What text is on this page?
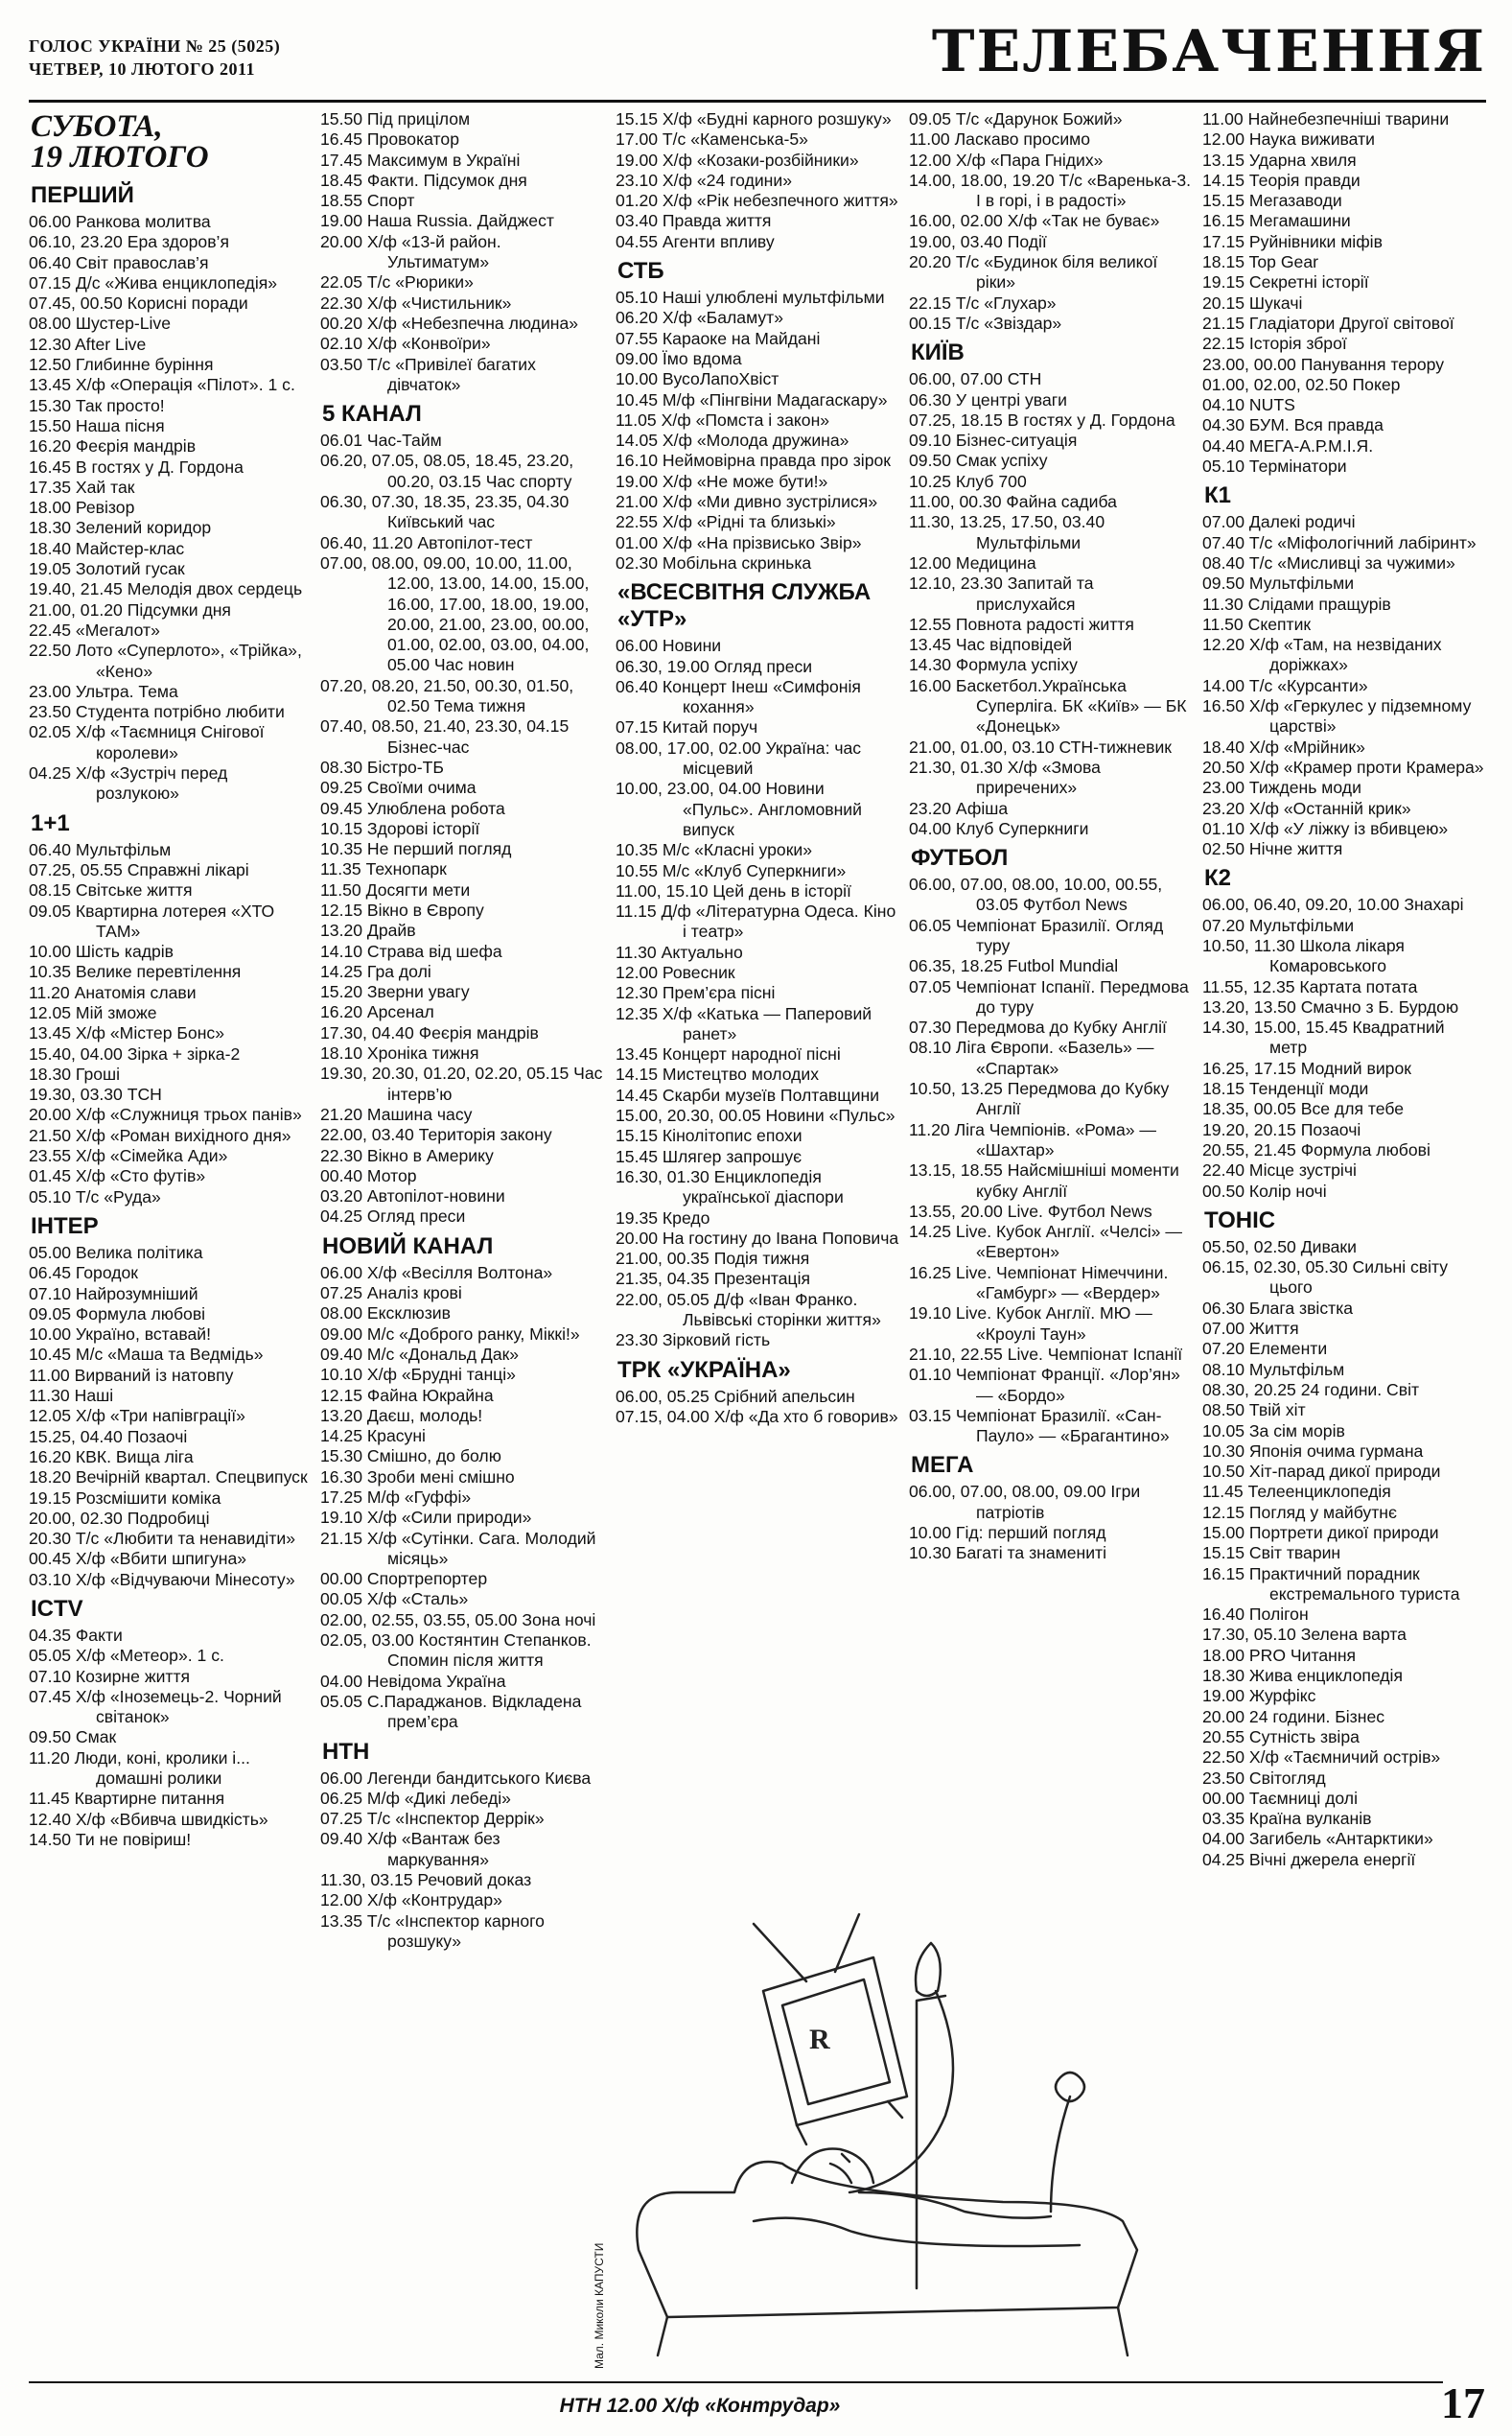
ГОЛОС УКРАЇНИ № 25 (5025)
ЧЕТВЕР, 10 ЛЮТОГО 2011	ТЕЛЕБАЧЕННЯ
СУБОТА,
19 ЛЮТОГО
ПЕРШИЙ
06.00 Ранкова молитва
06.10, 23.20 Ера здоров’я
06.40 Світ православ’я
07.15 Д/с «Жива енциклопедія»
07.45, 00.50 Корисні поради
08.00 Шустер-Live
12.30 After Live
12.50 Глибинне буріння
13.45 Х/ф «Операція «Пілот». 1 с.
15.30 Так просто!
15.50 Наша пісня
16.20 Феєрія мандрів
16.45 В гостях у Д. Гордона
17.35 Хай так
18.00 Ревізор
18.30 Зелений коридор
18.40 Майстер-клас
19.05 Золотий гусак
19.40, 21.45 Мелодія двох сердець
21.00, 01.20 Підсумки дня
22.45 «Мегалот»
22.50 Лото «Суперлото», «Трійка», «Кено»
23.00 Ультра. Тема
23.50 Студента потрібно любити
02.05 Х/ф «Таємниця Снігової королеви»
04.25 Х/ф «Зустріч перед розлукою»
1+1
06.40 Мультфільм
07.25, 05.55 Справжні лікарі
08.15 Світське життя
09.05 Квартирна лотерея «ХТО ТАМ»
10.00 Шість кадрів
10.35 Велике перевтілення
11.20 Анатомія слави
12.05 Мій зможе
13.45 Х/ф «Містер Бонс»
15.40, 04.00 Зірка + зірка-2
18.30 Гроші
19.30, 03.30 ТСН
20.00 Х/ф «Служниця трьох панів»
21.50 Х/ф «Роман вихідного дня»
23.55 Х/ф «Сімейка Ади»
01.45 Х/ф «Сто футів»
05.10 Т/с «Руда»
ІНТЕР
05.00 Велика політика
06.45 Городок
07.10 Найрозумніший
09.05 Формула любові
10.00 Україно, вставай!
10.45 М/с «Маша та Ведмідь»
11.00 Вирваний із натовпу
11.30 Наші
12.05 Х/ф «Три напівграції»
15.25, 04.40 Позаочі
16.20 КВК. Вища ліга
18.20 Вечірній квартал. Спецвипуск
19.15 Розсмішити коміка
20.00, 02.30 Подробиці
20.30 Т/с «Любити та ненавидіти»
00.45 Х/ф «Вбити шпигуна»
03.10 Х/ф «Відчуваючи Мінесоту»
ICTV
04.35 Факти
05.05 Х/ф «Метеор». 1 с.
07.10 Козирне життя
07.45 Х/ф «Іноземець-2. Чорний світанок»
09.50 Смак
11.20 Люди, коні, кролики і... домашні ролики
11.45 Квартирне питання
12.40 Х/ф «Вбивча швидкість»
14.50 Ти не повіриш!
15.50 Під прицілом
16.45 Провокатор
17.45 Максимум в Україні
18.45 Факти. Підсумок дня
18.55 Спорт
19.00 Наша Russia. Дайджест
20.00 Х/ф «13-й район. Ультиматум»
22.05 Т/с «Рюрики»
22.30 Х/ф «Чистильник»
00.20 Х/ф «Небезпечна людина»
02.10 Х/ф «Конвоїри»
03.50 Т/с «Привілеї багатих дівчаток»
5 КАНАЛ
06.01 Час-Тайм
06.20, 07.05, 08.05, 18.45, 23.20, 00.20, 03.15 Час спорту
06.30, 07.30, 18.35, 23.35, 04.30 Київський час
06.40, 11.20 Автопілот-тест
07.00, 08.00, 09.00, 10.00, 11.00, 12.00, 13.00, 14.00, 15.00, 16.00, 17.00, 18.00, 19.00, 20.00, 21.00, 23.00, 00.00, 01.00, 02.00, 03.00, 04.00, 05.00 Час новин
07.20, 08.20, 21.50, 00.30, 01.50, 02.50 Тема тижня
07.40, 08.50, 21.40, 23.30, 04.15 Бізнес-час
08.30 Бістро-ТБ
09.25 Своїми очима
09.45 Улюблена робота
10.15 Здорові історії
10.35 Не перший погляд
11.35 Технопарк
11.50 Досягти мети
12.15 Вікно в Європу
13.20 Драйв
14.10 Страва від шефа
14.25 Гра долі
15.20 Зверни увагу
16.20 Арсенал
17.30, 04.40 Феєрія мандрів
18.10 Хроніка тижня
19.30, 20.30, 01.20, 02.20, 05.15 Час інтерв’ю
21.20 Машина часу
22.00, 03.40 Територія закону
22.30 Вікно в Америку
00.40 Мотор
03.20 Автопілот-новини
04.25 Огляд преси
НОВИЙ КАНАЛ
06.00 Х/ф «Весілля Волтона»
07.25 Аналіз крові
08.00 Ексклюзив
09.00 М/с «Доброго ранку, Міккі!»
09.40 М/с «Дональд Дак»
10.10 Х/ф «Брудні танці»
12.15 Файна Юкрайна
13.20 Даєш, молодь!
14.25 Красуні
15.30 Смішно, до болю
16.30 Зроби мені смішно
17.25 М/ф «Гуффі»
19.10 Х/ф «Сили природи»
21.15 Х/ф «Сутінки. Сага. Молодий місяць»
00.00 Спортрепортер
00.05 Х/ф «Сталь»
02.00, 02.55, 03.55, 05.00 Зона ночі
02.05, 03.00 Костянтин Степанков. Спомин після життя
04.00 Невідома Україна
05.05 С.Параджанов. Відкладена прем’єра
НТН
06.00 Легенди бандитського Києва
06.25 М/ф «Дикі лебеді»
07.25 Т/с «Інспектор Деррік»
09.40 Х/ф «Вантаж без маркування»
11.30, 03.15 Речовий доказ
12.00 Х/ф «Контрудар»
13.35 Т/с «Інспектор карного розшуку»
15.15 Х/ф «Будні карного розшуку»
17.00 Т/с «Каменська-5»
19.00 Х/ф «Козаки-розбійники»
23.10 Х/ф «24 години»
01.20 Х/ф «Рік небезпечного життя»
03.40 Правда життя
04.55 Агенти впливу
СТБ
05.10 Наші улюблені мультфільми
06.20 Х/ф «Баламут»
07.55 Караоке на Майдані
09.00 Їмо вдома
10.00 ВусоЛапоХвіст
10.45 М/ф «Пінгвіни Мадагаскару»
11.05 Х/ф «Помста і закон»
14.05 Х/ф «Молода дружина»
16.10 Неймовірна правда про зірок
19.00 Х/ф «Не може бути!»
21.00 Х/ф «Ми дивно зустрілися»
22.55 Х/ф «Рідні та близькі»
01.00 Х/ф «На прізвисько Звір»
02.30 Мобільна скринька
«ВСЕСВІТНЯ СЛУЖБА «УТР»
06.00 Новини
06.30, 19.00 Огляд преси
06.40 Концерт Інеш «Симфонія кохання»
07.15 Китай поруч
08.00, 17.00, 02.00 Україна: час місцевий
10.00, 23.00, 04.00 Новини «Пульс». Англомовний випуск
10.35 М/с «Класні уроки»
10.55 М/с «Клуб Суперкниги»
11.00, 15.10 Цей день в історії
11.15 Д/ф «Літературна Одеса. Кіно і театр»
11.30 Актуально
12.00 Ровесник
12.30 Прем’єра пісні
12.35 Х/ф «Катька — Паперовий ранет»
13.45 Концерт народної пісні
14.15 Мистецтво молодих
14.45 Скарби музеїв Полтавщини
15.00, 20.30, 00.05 Новини «Пульс»
15.15 Кінолітопис епохи
15.45 Шлягер запрошує
16.30, 01.30 Енциклопедія української діаспори
19.35 Кредо
20.00 На гостину до Івана Поповича
21.00, 00.35 Подія тижня
21.35, 04.35 Презентація
22.00, 05.05 Д/ф «Іван Франко. Львівські сторінки життя»
23.30 Зірковий гість
ТРК «УКРАЇНА»
06.00, 05.25 Срібний апельсин
07.15, 04.00 Х/ф «Да хто б говорив»
09.05 Т/с «Дарунок Божий»
11.00 Ласкаво просимо
12.00 Х/ф «Пара Гнідих»
14.00, 18.00, 19.20 Т/с «Варенька-3. І в горі, і в радості»
16.00, 02.00 Х/ф «Так не буває»
19.00, 03.40 Події
20.20 Т/с «Будинок біля великої ріки»
22.15 Т/с «Глухар»
00.15 Т/с «Звіздар»
КИЇВ
06.00, 07.00 СТН
06.30 У центрі уваги
07.25, 18.15 В гостях у Д. Гордона
09.10 Бізнес-ситуація
09.50 Смак успіху
10.25 Клуб 700
11.00, 00.30 Файна садиба
11.30, 13.25, 17.50, 03.40 Мультфільми
12.00 Медицина
12.10, 23.30 Запитай та прислухайся
12.55 Повнота радості життя
13.45 Час відповідей
14.30 Формула успіху
16.00 Баскетбол.Українська Суперліга. БК «Київ» — БК «Донецьк»
21.00, 01.00, 03.10 СТН-тижневик
21.30, 01.30 Х/ф «Змова приречених»
23.20 Афіша
04.00 Клуб Суперкниги
ФУТБОЛ
06.00, 07.00, 08.00, 10.00, 00.55, 03.05 Футбол News
06.05 Чемпіонат Бразилії. Огляд туру
06.35, 18.25 Futbol Mundial
07.05 Чемпіонат Іспанії. Передмова до туру
07.30 Передмова до Кубку Англії
08.10 Ліга Європи. «Базель» — «Спартак»
10.50, 13.25 Передмова до Кубку Англії
11.20 Ліга Чемпіонів. «Рома» — «Шахтар»
13.15, 18.55 Найсмішніші моменти кубку Англії
13.55, 20.00 Live. Футбол News
14.25 Live. Кубок Англії. «Челсі» — «Евертон»
16.25 Live. Чемпіонат Німеччини. «Гамбург» — «Вердер»
19.10 Live. Кубок Англії. МЮ — «Кроулі Таун»
21.10, 22.55 Live. Чемпіонат Іспанії
01.10 Чемпіонат Франції. «Лор’ян» — «Бордо»
03.15 Чемпіонат Бразилії. «Сан-Пауло» — «Брагантино»
МЕГА
06.00, 07.00, 08.00, 09.00 Ігри патріотів
10.00 Гід: перший погляд
10.30 Багаті та знамениті
11.00 Найнебезпечніші тварини
12.00 Наука виживати
13.15 Ударна хвиля
14.15 Теорія правди
15.15 Мегазаводи
16.15 Мегамашини
17.15 Руйнівники міфів
18.15 Top Gear
19.15 Секретні історії
20.15 Шукачі
21.15 Гладіатори Другої світової
22.15 Історія зброї
23.00, 00.00 Панування терору
01.00, 02.00, 02.50 Покер
04.10 NUTS
04.30 БУМ. Вся правда
04.40 МЕГА-А.Р.М.І.Я.
05.10 Термінатори
К1
07.00 Далекі родичі
07.40 Т/с «Міфологічний лабіринт»
08.40 Т/с «Мисливці за чужими»
09.50 Мультфільми
11.30 Слідами пращурів
11.50 Скептик
12.20 Х/ф «Там, на незвіданих доріжках»
14.00 Т/с «Курсанти»
16.50 Х/ф «Геркулес у підземному царстві»
18.40 Х/ф «Мрійник»
20.50 Х/ф «Крамер проти Крамера»
23.00 Тиждень моди
23.20 Х/ф «Останній крик»
01.10 Х/ф «У ліжку із вбивцею»
02.50 Нічне життя
К2
06.00, 06.40, 09.20, 10.00 Знахарі
07.20 Мультфільми
10.50, 11.30 Школа лікаря Комаровського
11.55, 12.35 Картата потата
13.20, 13.50 Смачно з Б. Бурдою
14.30, 15.00, 15.45 Квадратний метр
16.25, 17.15 Модний вирок
18.15 Тенденції моди
18.35, 00.05 Все для тебе
19.20, 20.15 Позаочі
20.55, 21.45 Формула любові
22.40 Місце зустрічі
00.50 Колір ночі
ТОНІС
05.50, 02.50 Диваки
06.15, 02.30, 05.30 Сильні світу цього
06.30 Блага звістка
07.00 Життя
07.20 Елементи
08.10 Мультфільм
08.30, 20.25 24 години. Світ
08.50 Твій хіт
10.05 За сім морів
10.30 Японія очима гурмана
10.50 Хіт-парад дикої природи
11.45 Телеенциклопедія
12.15 Погляд у майбутнє
15.00 Портрети дикої природи
15.15 Світ тварин
16.15 Практичний порадник екстремального туриста
16.40 Полігон
17.30, 05.10 Зелена варта
18.00 PRO Читання
18.30 Жива енциклопедія
19.00 Журфікс
20.00 24 години. Бізнес
20.55 Сутність звіра
22.50 Х/ф «Таємничий острів»
23.50 Світогляд
00.00 Таємниці долі
03.35 Країна вулканів
04.00 Загибель «Антарктики»
04.25 Вічні джерела енергії
R
Мал. Миколи КАПУСТИ
НТН 12.00 Х/ф «Контрудар»	17
